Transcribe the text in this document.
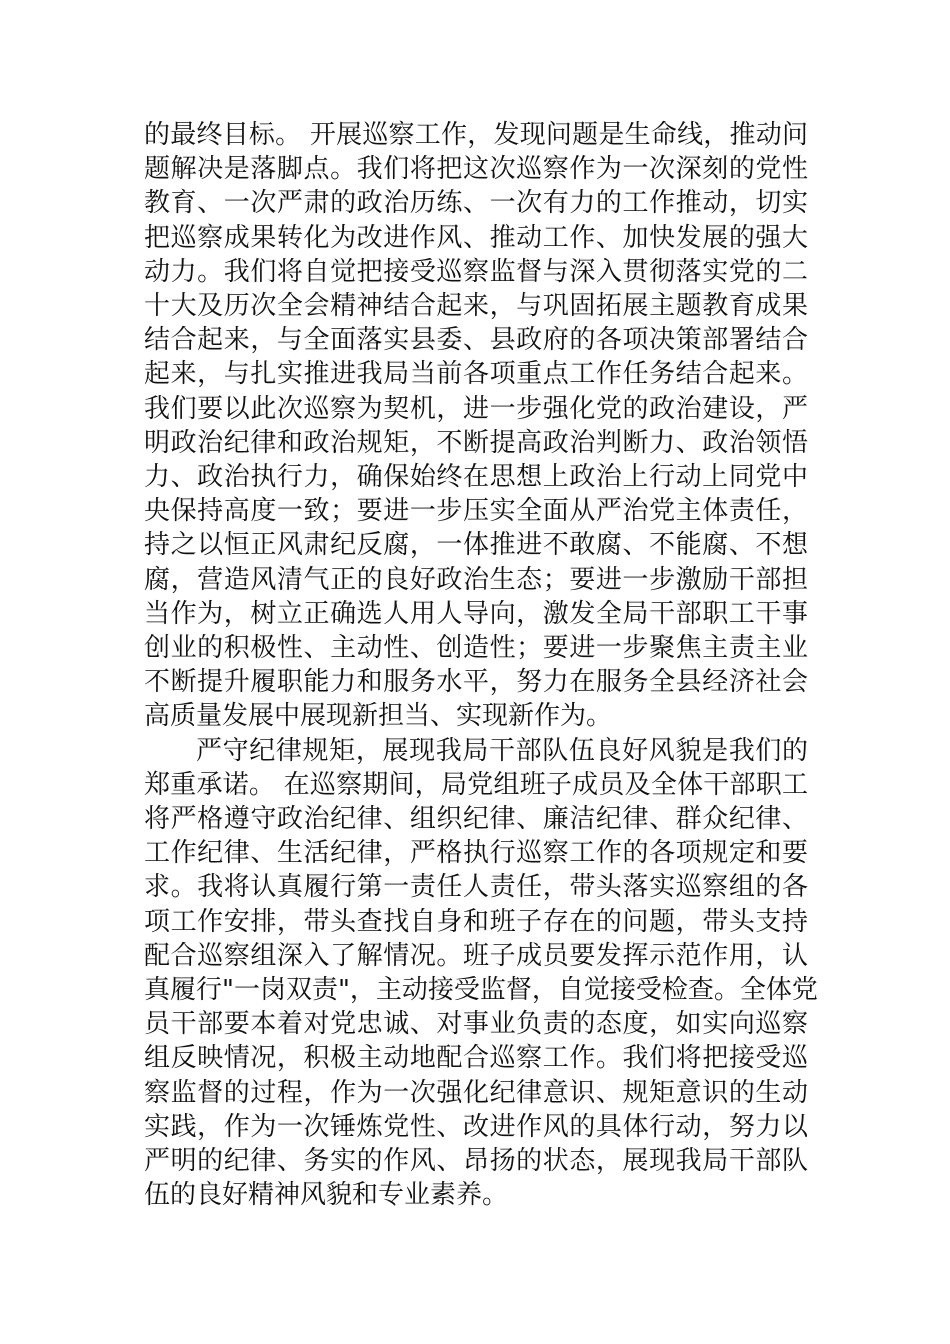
的最终目标。 开展巡察工作，发现问题是生命线，推动问
题解决是落脚点。我们将把这次巡察作为一次深刻的党性
教育、一次严肃的政治历练、一次有力的工作推动，切实
把巡察成果转化为改进作风、推动工作、加快发展的强大
动力。我们将自觉把接受巡察监督与深入贯彻落实党的二
十大及历次全会精神结合起来，与巩固拓展主题教育成果
结合起来，与全面落实县委、县政府的各项决策部署结合
起来，与扎实推进我局当前各项重点工作任务结合起来。
我们要以此次巡察为契机，进一步强化党的政治建设，严
明政治纪律和政治规矩，不断提高政治判断力、政治领悟
力、政治执行力，确保始终在思想上政治上行动上同党中
央保持高度一致；要进一步压实全面从严治党主体责任，
持之以恒正风肃纪反腐，一体推进不敢腐、不能腐、不想
腐，营造风清气正的良好政治生态；要进一步激励干部担
当作为，树立正确选人用人导向，激发全局干部职工干事
创业的积极性、主动性、创造性；要进一步聚焦主责主业
不断提升履职能力和服务水平，努力在服务全县经济社会
高质量发展中展现新担当、实现新作为。
严守纪律规矩，展现我局干部队伍良好风貌是我们的
郑重承诺。 在巡察期间，局党组班子成员及全体干部职工
将严格遵守政治纪律、组织纪律、廉洁纪律、群众纪律、
工作纪律、生活纪律，严格执行巡察工作的各项规定和要
求。我将认真履行第一责任人责任，带头落实巡察组的各
项工作安排，带头查找自身和班子存在的问题，带头支持
配合巡察组深入了解情况。班子成员要发挥示范作用，认
真履行"一岗双责"，主动接受监督，自觉接受检查。全体党
员干部要本着对党忠诚、对事业负责的态度，如实向巡察
组反映情况，积极主动地配合巡察工作。我们将把接受巡
察监督的过程，作为一次强化纪律意识、规矩意识的生动
实践，作为一次锤炼党性、改进作风的具体行动，努力以
严明的纪律、务实的作风、昂扬的状态，展现我局干部队
伍的良好精神风貌和专业素养。
